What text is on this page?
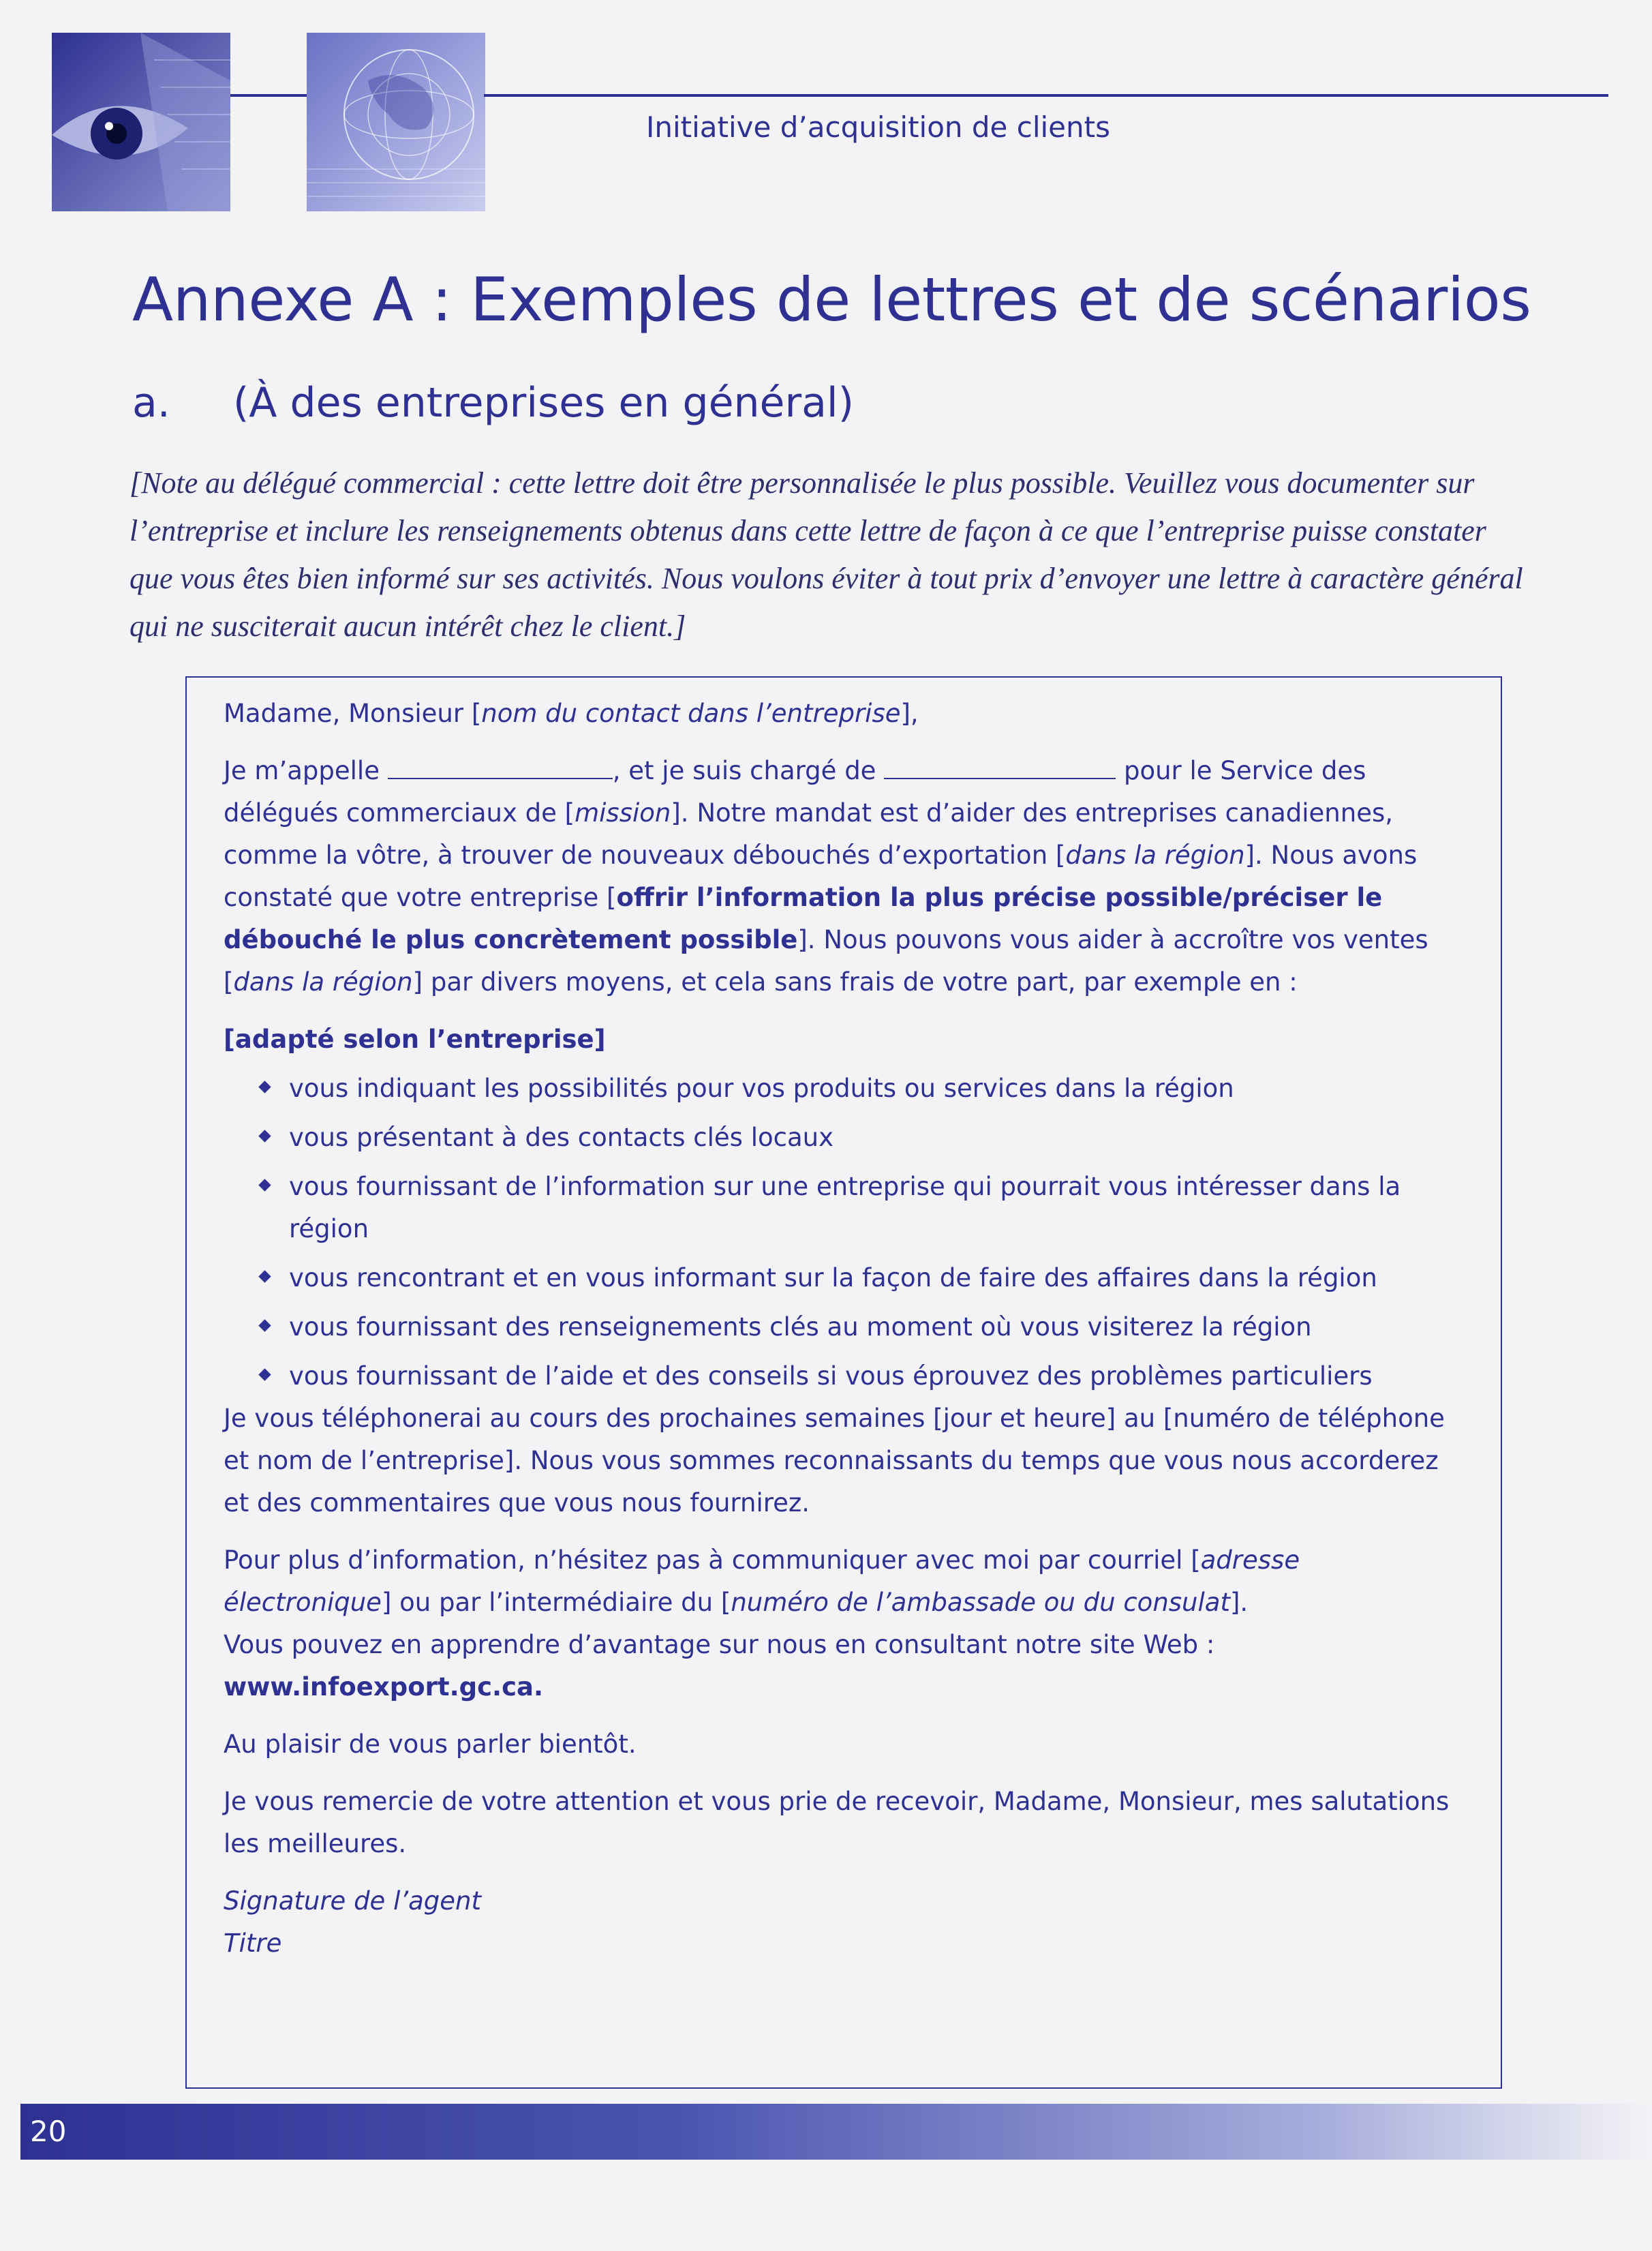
Initiative d’acquisition de clients
Annexe A : Exemples de lettres et de scénarios
a. (À des entreprises en général)

[Note au délégué commercial : cette lettre doit être personnalisée le plus possible. Veuillez vous documenter sur l’entreprise et inclure les renseignements obtenus dans cette lettre de façon à ce que l’entreprise puisse constater que vous êtes bien informé sur ses activités. Nous voulons éviter à tout prix d’envoyer une lettre à caractère général qui ne susciterait aucun intérêt chez le client.]

Madame, Monsieur [nom du contact dans l’entreprise],

Je m’appelle	, et je suis chargé de	pour le Service des délégués commerciaux de [mission]. Notre mandat est d’aider des entreprises canadiennes, comme la vôtre, à trouver de nouveaux débouchés d’exportation [dans la région]. Nous avons constaté que votre entreprise [offrir l’information la plus précise possible/préciser le débouché le plus concrètement possible]. Nous pouvons vous aider à accroître vos ventes [dans la région] par divers moyens, et cela sans frais de votre part, par exemple en :

[adapté selon l’entreprise]

vous indiquant les possibilités pour vos produits ou services dans la région
vous présentant à des contacts clés locaux
vous fournissant de l’information sur une entreprise qui pourrait vous intéresser dans la région
vous rencontrant et en vous informant sur la façon de faire des affaires dans la région
vous fournissant des renseignements clés au moment où vous visiterez la région
vous fournissant de l’aide et des conseils si vous éprouvez des problèmes particuliers

Je vous téléphonerai au cours des prochaines semaines [jour et heure] au [numéro de téléphone et nom de l’entreprise]. Nous vous sommes reconnaissants du temps que vous nous accorderez et des commentaires que vous nous fournirez.

Pour plus d’information, n’hésitez pas à communiquer avec moi par courriel [adresse électronique] ou par l’intermédiaire du [numéro de l’ambassade ou du consulat].

Vous pouvez en apprendre d’avantage sur nous en consultant notre site Web :

www.infoexport.gc.ca.

Au plaisir de vous parler bientôt.

Je vous remercie de votre attention et vous prie de recevoir, Madame, Monsieur, mes salutations les meilleures.

Signature de l’agent

Titre

20
